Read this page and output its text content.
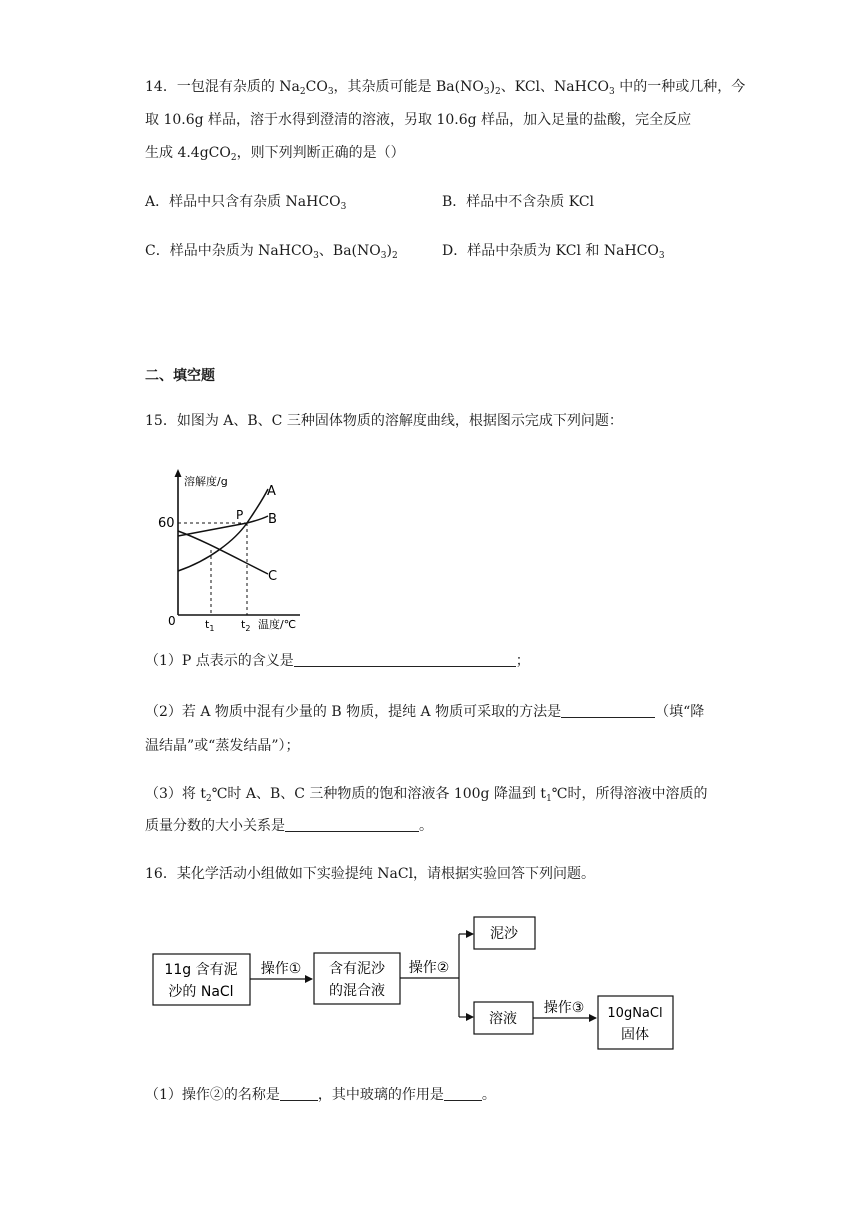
14．一包混有杂质的 $Na_2CO_3$，其杂质可能是 $Ba(NO_3)_2$、KCl、NaHCO$_3$ 中的一种或几种，今
取 10.6g 样品，溶于水得到澄清的溶液，另取 10.6g 样品，加入足量的盐酸，完全反应
生成 4.4gCO$_2$，则下列判断正确的是（）
A．样品中只含有杂质 NaHCO$_3$	B．样品中不含杂质 KCl
C．样品中杂质为 NaHCO$_3$、$Ba(NO_3)_2$	D．样品中杂质为 KCl 和 NaHCO$_3$
二、填空题
15．如图为 A、B、C 三种固体物质的溶解度曲线，根据图示完成下列问题：
溶解度/g
60
0	$t_1$ $t_2$ 温度/℃
A
B
C
P
（1）P 点表示的含义是	；
（2）若 A 物质中混有少量的 B 物质，提纯 A 物质可采取的方法是	（填“降
温结晶”或“蒸发结晶”）；
（3）将 $t_2℃$时 A、B、C 三种物质的饱和溶液各 100g 降温到 $t_1℃$时，所得溶液中溶质的
质量分数的大小关系是	。
16．某化学活动小组做如下实验提纯 NaCl，请根据实验回答下列问题。
11g 含有泥
沙的 NaCl
操作① 含有泥沙
的混合液
操作②
泥沙
溶液
操作③ 10gNaCl
固体
（1）操作②的名称是	，其中玻璃的作用是	。
